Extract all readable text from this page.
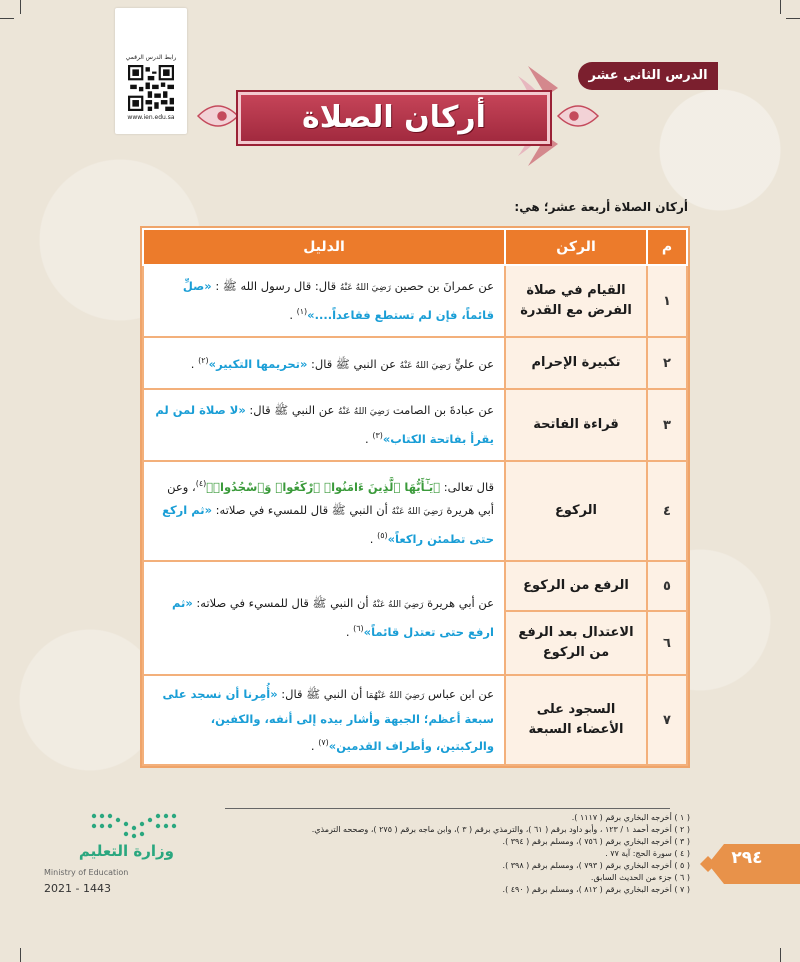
رابط الدرس الرقمي
www.ien.edu.sa
الدرس الثاني عشر
أركان الصلاة
أركان الصلاة أربعة عشر؛ هي:
م	الركن	الدليل
١	القيام في صلاة الفرض مع القدرة	عن عمرانَ بن حصين رَضِيَ اللهُ عَنْهُ قال: قال رسول الله ﷺ : «صلِّ قائماً، فإن لم تستطع فقاعداً....»$^{(١)}$ .
٢	تكبيرة الإحرام	عن عليٍّ رَضِيَ اللهُ عَنْهُ عن النبي ﷺ قال: «تحريمها التكبير»$^{(٢)}$ .
٣	قراءة الفاتحة	عن عبادةَ بن الصامت رَضِيَ اللهُ عَنْهُ عن النبي ﷺ قال: «لا صلاة لمن لم يقرأ بفاتحة الكتاب»$^{(٣)}$ .
٤	الركوع	قال تعالى: ﴿يَـٰٓأَيُّهَا ٱلَّذِينَ ءَامَنُوا۟ ٱرْكَعُوا۟ وَٱسْجُدُوا۟﴾$^{(٤)}$، وعن أبي هريرة رَضِيَ اللهُ عَنْهُ أن النبي ﷺ قال للمسيء في صلاته: «ثم اركع حتى تطمئن راكعاً»$^{(٥)}$ .
٥	الرفع من الركوع	عن أبي هريرة رَضِيَ اللهُ عَنْهُ أن النبي ﷺ قال للمسيء في صلاته: «ثم ارفع حتى تعتدل قائماً»$^{(٦)}$ .
٦	الاعتدال بعد الرفع من الركوع	
٧	السجود على الأعضاء السبعة	عن ابن عباس رَضِيَ اللهُ عَنْهُمَا أن النبي ﷺ قال: «أُمِرنا أن نسجد على سبعة أعظم؛ الجبهة وأشار بيده إلى أنفه، والكفين، والركبتين، وأطراف القدمين»$^{(٧)}$ .
( ١ ) أخرجه البخاري برقم ( ١١١٧ ).
( ٢ ) أخرجه أحمد ١ / ١٢٣ ، وأبو داود برقم ( ٦١ )، والترمذي برقم ( ٣ )، وابن ماجه برقم ( ٢٧٥ )، وصححه الترمذي.
( ٣ ) أخرجه البخاري برقم ( ٧٥٦ )، ومسلم برقم ( ٣٩٤ ).
( ٤ ) سورة الحج: آية ٧٧ .
( ٥ ) أخرجه البخاري برقم ( ٧٩٣ )، ومسلم برقم ( ٣٩٨ ).
( ٦ ) جزء من الحديث السابق.
( ٧ ) أخرجه البخاري برقم ( ٨١٢ )، ومسلم برقم ( ٤٩٠ ).
٢٩٤
وزارة التعليم
Ministry of Education
2021 - 1443
